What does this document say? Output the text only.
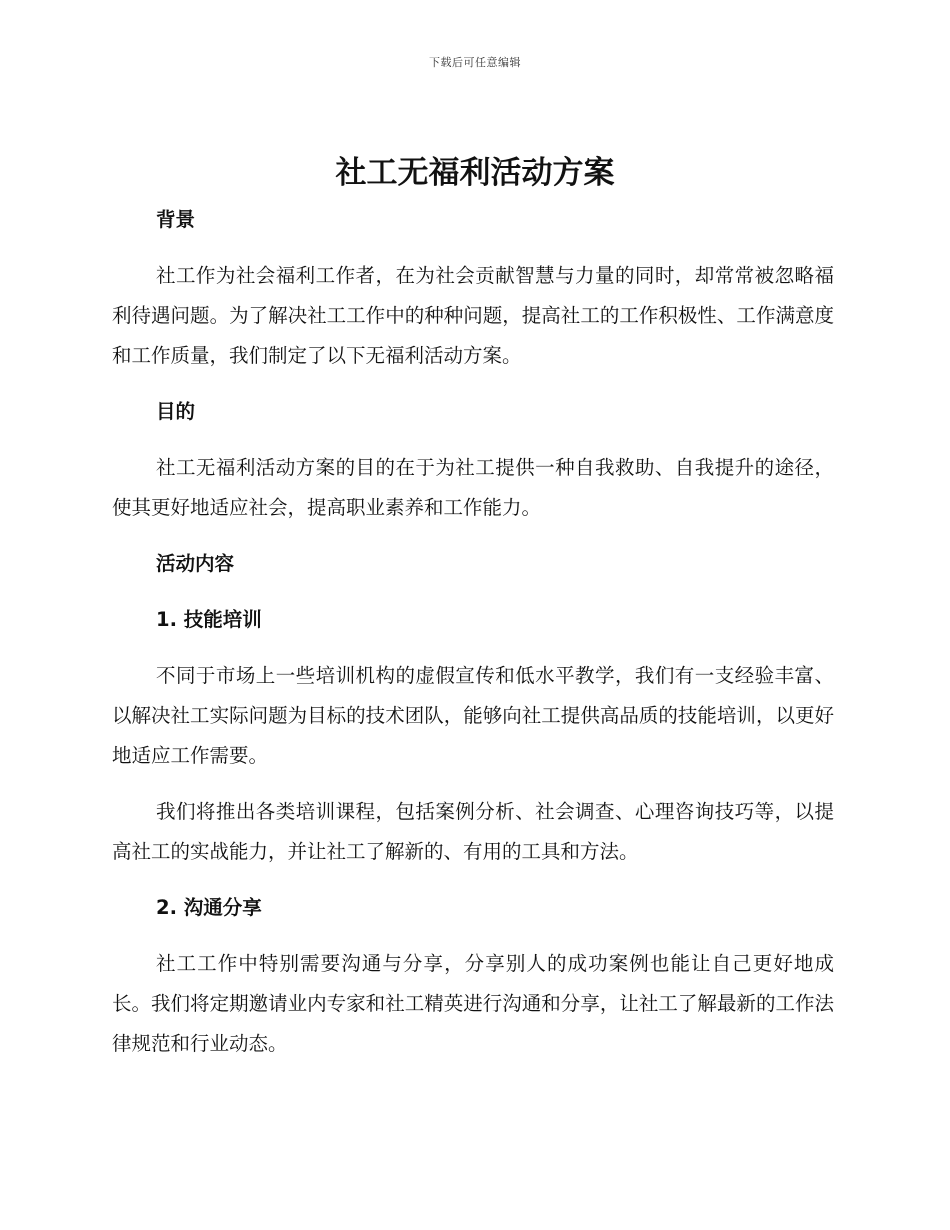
下载后可任意编辑
社工无福利活动方案
背景

社工作为社会福利工作者，在为社会贡献智慧与力量的同时，却常常被忽略福利待遇问题。为了解决社工工作中的种种问题，提高社工的工作积极性、工作满意度和工作质量，我们制定了以下无福利活动方案。

目的

社工无福利活动方案的目的在于为社工提供一种自我救助、自我提升的途径，使其更好地适应社会，提高职业素养和工作能力。

活动内容
1. 技能培训

不同于市场上一些培训机构的虚假宣传和低水平教学，我们有一支经验丰富、以解决社工实际问题为目标的技术团队，能够向社工提供高品质的技能培训，以更好地适应工作需要。

我们将推出各类培训课程，包括案例分析、社会调查、心理咨询技巧等，以提高社工的实战能力，并让社工了解新的、有用的工具和方法。

2. 沟通分享

社工工作中特别需要沟通与分享，分享别人的成功案例也能让自己更好地成长。我们将定期邀请业内专家和社工精英进行沟通和分享，让社工了解最新的工作法律规范和行业动态。
